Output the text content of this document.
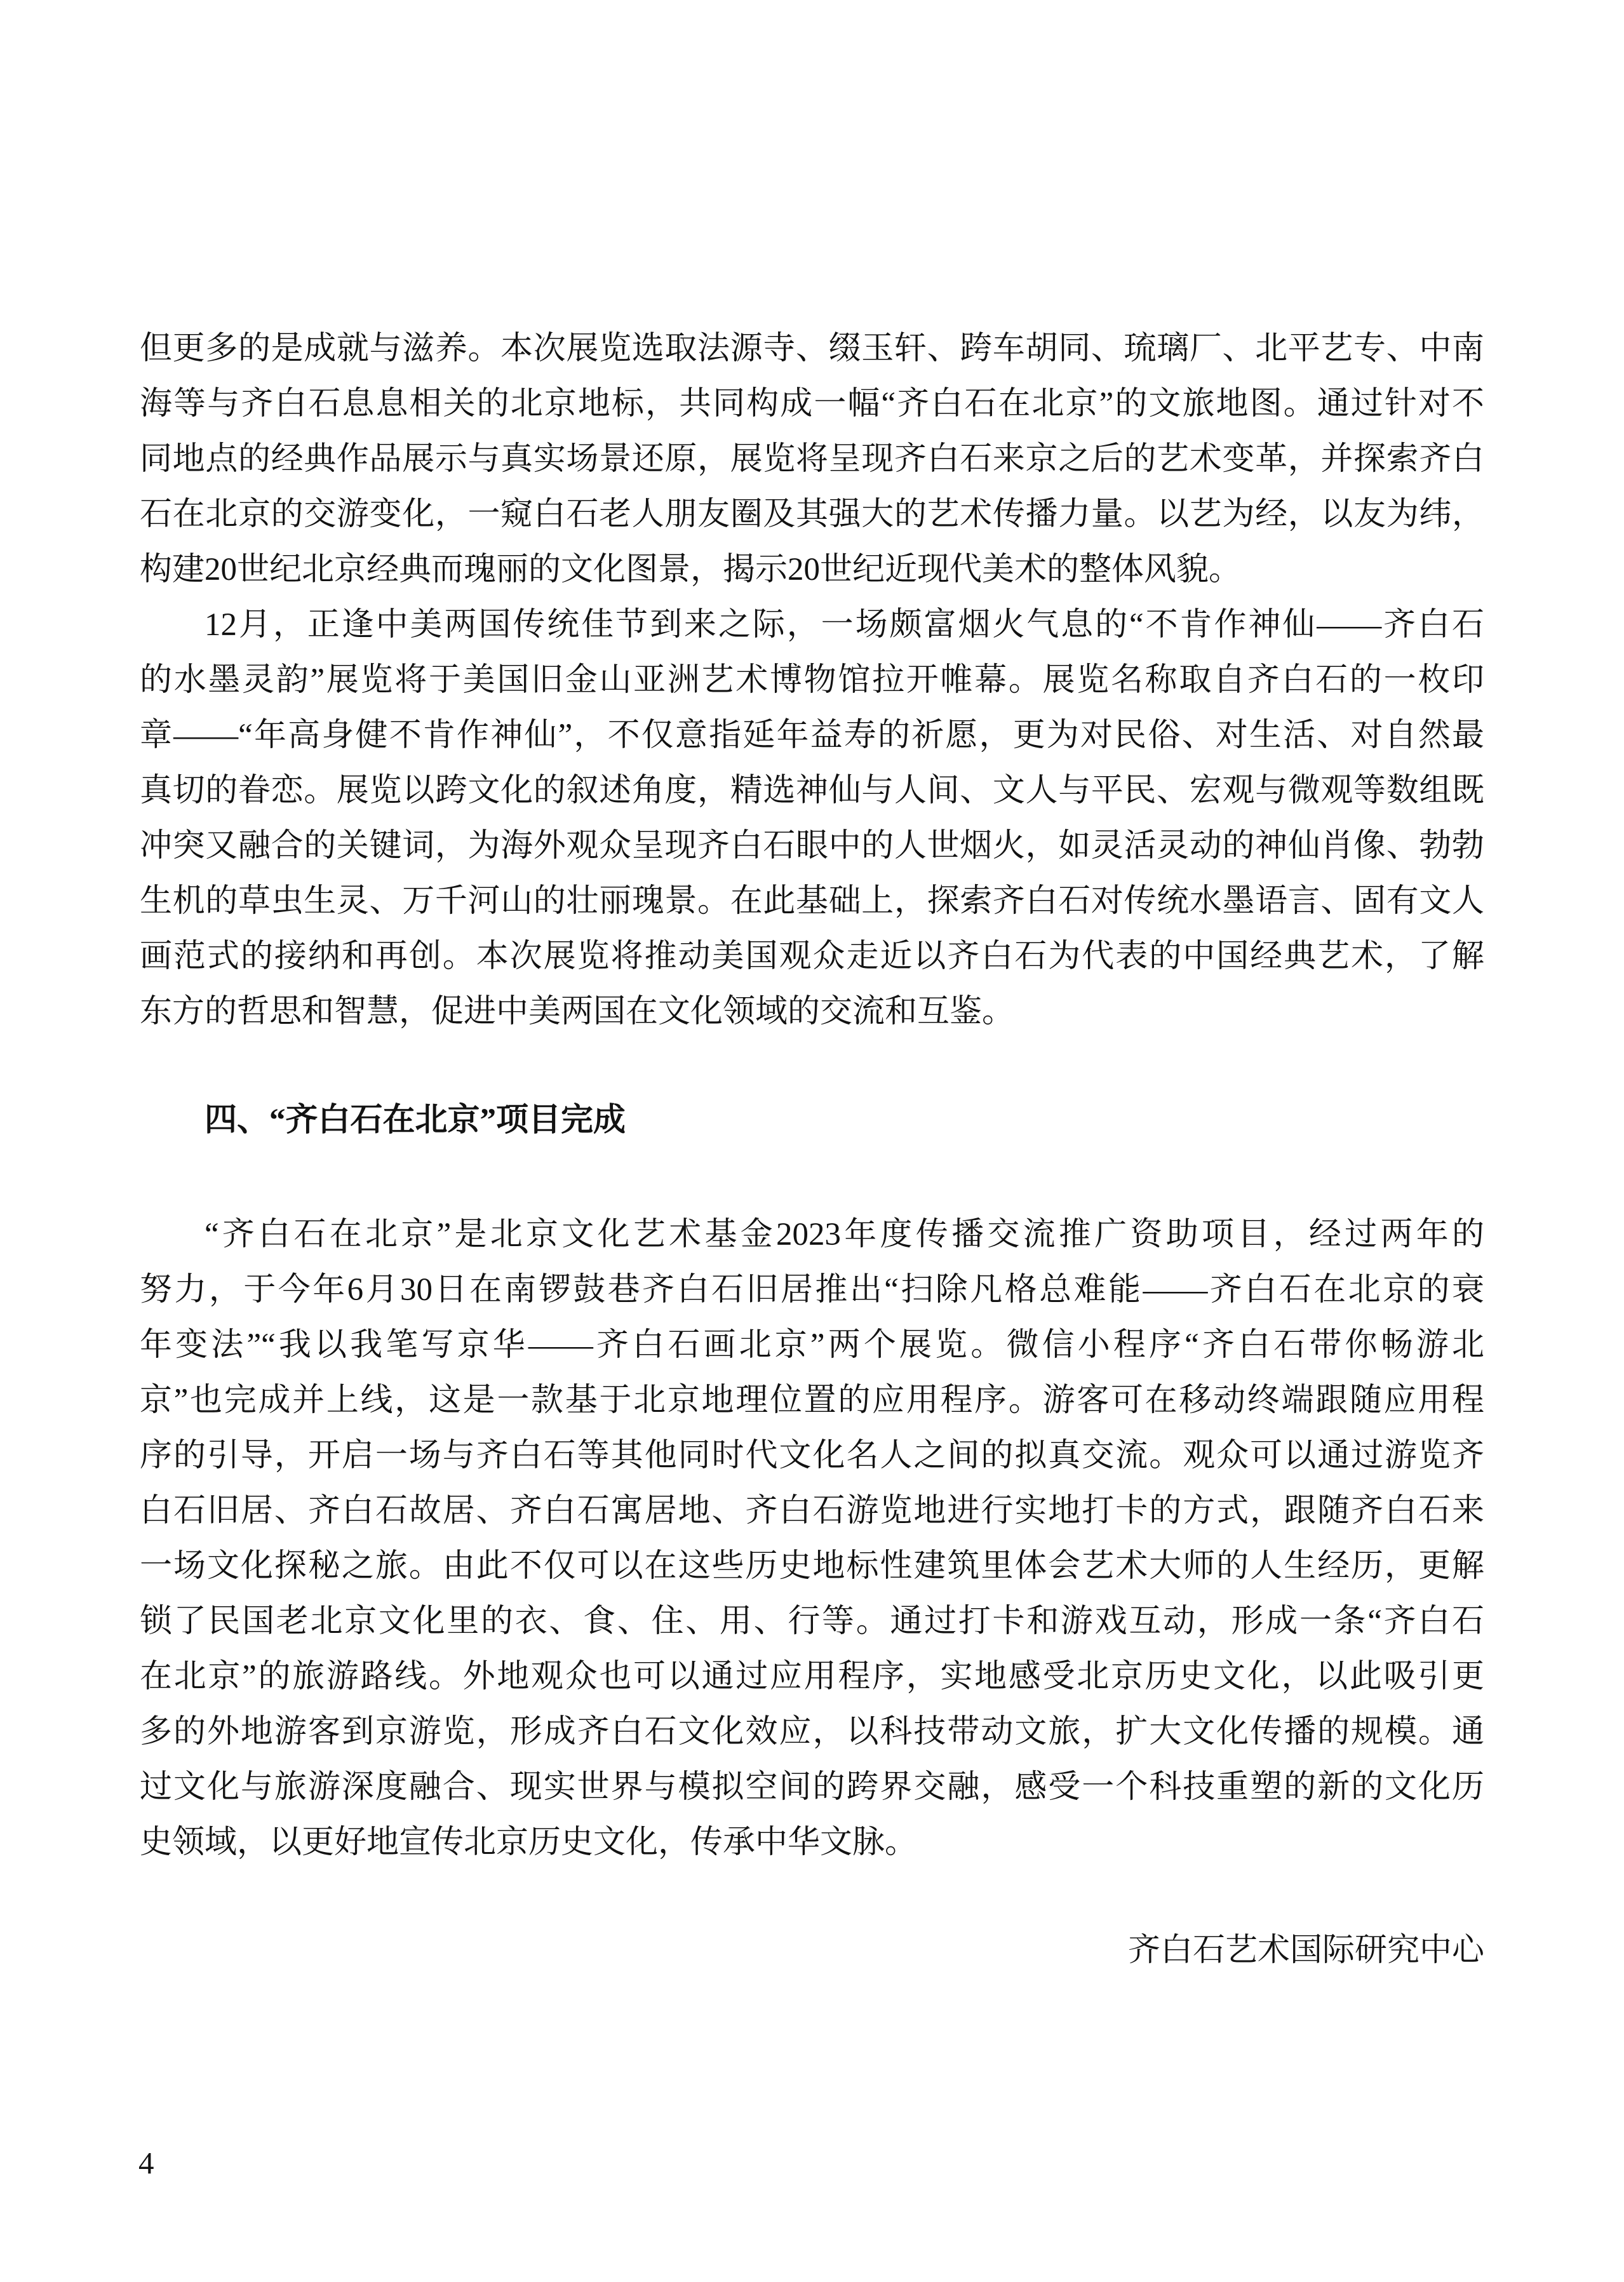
但更多的是成就与滋养。本次展览选取法源寺、缀玉轩、跨车胡同、琉璃厂、北平艺专、中南
海等与齐白石息息相关的北京地标，共同构成一幅“齐白石在北京”的文旅地图。通过针对不
同地点的经典作品展示与真实场景还原，展览将呈现齐白石来京之后的艺术变革，并探索齐白
石在北京的交游变化，一窥白石老人朋友圈及其强大的艺术传播力量。以艺为经，以友为纬，
构建20世纪北京经典而瑰丽的文化图景，揭示20世纪近现代美术的整体风貌。
12月，正逢中美两国传统佳节到来之际，一场颇富烟火气息的“不肯作神仙——齐白石
的水墨灵韵”展览将于美国旧金山亚洲艺术博物馆拉开帷幕。展览名称取自齐白石的一枚印
章——“年高身健不肯作神仙”，不仅意指延年益寿的祈愿，更为对民俗、对生活、对自然最
真切的眷恋。展览以跨文化的叙述角度，精选神仙与人间、文人与平民、宏观与微观等数组既
冲突又融合的关键词，为海外观众呈现齐白石眼中的人世烟火，如灵活灵动的神仙肖像、勃勃
生机的草虫生灵、万千河山的壮丽瑰景。在此基础上，探索齐白石对传统水墨语言、固有文人
画范式的接纳和再创。本次展览将推动美国观众走近以齐白石为代表的中国经典艺术，了解
东方的哲思和智慧，促进中美两国在文化领域的交流和互鉴。
四、“齐白石在北京”项目完成
“齐白石在北京”是北京文化艺术基金2023年度传播交流推广资助项目，经过两年的
努力，于今年6月30日在南锣鼓巷齐白石旧居推出“扫除凡格总难能——齐白石在北京的衰
年变法”“我以我笔写京华——齐白石画北京”两个展览。微信小程序“齐白石带你畅游北
京”也完成并上线，这是一款基于北京地理位置的应用程序。游客可在移动终端跟随应用程
序的引导，开启一场与齐白石等其他同时代文化名人之间的拟真交流。观众可以通过游览齐
白石旧居、齐白石故居、齐白石寓居地、齐白石游览地进行实地打卡的方式，跟随齐白石来
一场文化探秘之旅。由此不仅可以在这些历史地标性建筑里体会艺术大师的人生经历，更解
锁了民国老北京文化里的衣、食、住、用、行等。通过打卡和游戏互动，形成一条“齐白石
在北京”的旅游路线。外地观众也可以通过应用程序，实地感受北京历史文化，以此吸引更
多的外地游客到京游览，形成齐白石文化效应，以科技带动文旅，扩大文化传播的规模。通
过文化与旅游深度融合、现实世界与模拟空间的跨界交融，感受一个科技重塑的新的文化历
史领域，以更好地宣传北京历史文化，传承中华文脉。
齐白石艺术国际研究中心
4
